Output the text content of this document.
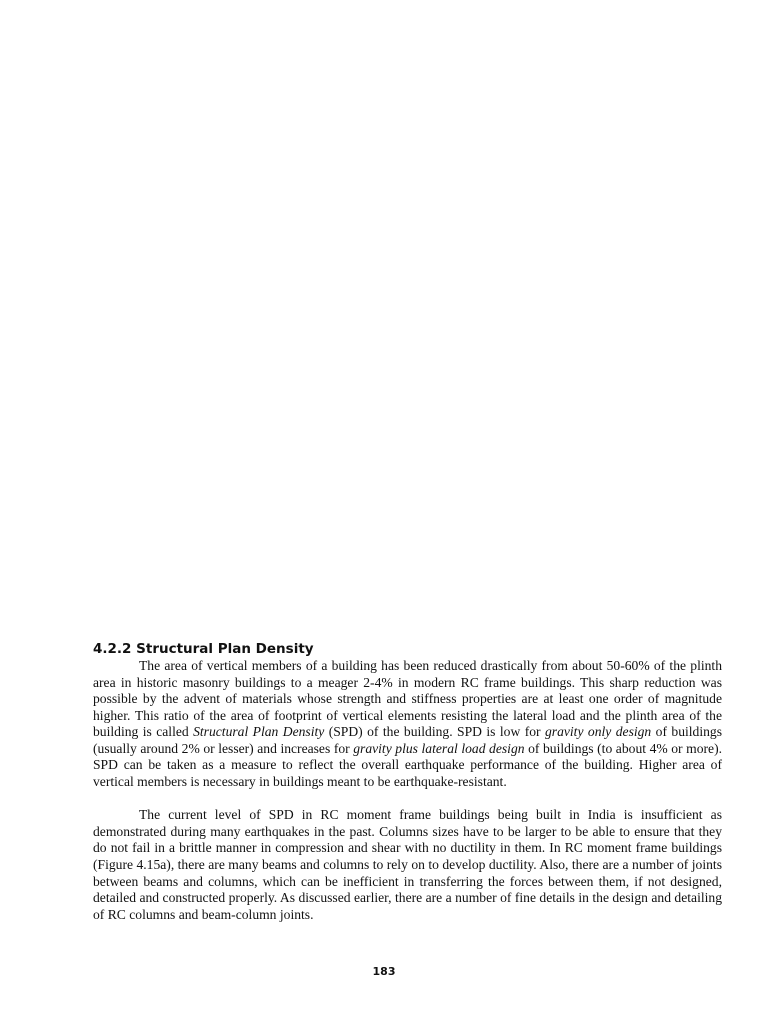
4.2.2 Structural Plan Density

The area of vertical members of a building has been reduced drastically from about 50-60% of the plinth area in historic masonry buildings to a meager 2-4% in modern RC frame buildings. This sharp reduction was possible by the advent of materials whose strength and stiffness properties are at least one order of magnitude higher. This ratio of the area of footprint of vertical elements resisting the lateral load and the plinth area of the building is called Structural Plan Density (SPD) of the building. SPD is low for gravity only design of buildings (usually around 2% or lesser) and increases for gravity plus lateral load design of buildings (to about 4% or more). SPD can be taken as a measure to reflect the overall earthquake performance of the building. Higher area of vertical members is necessary in buildings meant to be earthquake-resistant.

The current level of SPD in RC moment frame buildings being built in India is insufficient as demonstrated during many earthquakes in the past. Columns sizes have to be larger to be able to ensure that they do not fail in a brittle manner in compression and shear with no ductility in them. In RC moment frame buildings (Figure 4.15a), there are many beams and columns to rely on to develop ductility. Also, there are a number of joints between beams and columns, which can be inefficient in transferring the forces between them, if not designed, detailed and constructed properly. As discussed earlier, there are a number of fine details in the design and detailing of RC columns and beam-column joints.

183
